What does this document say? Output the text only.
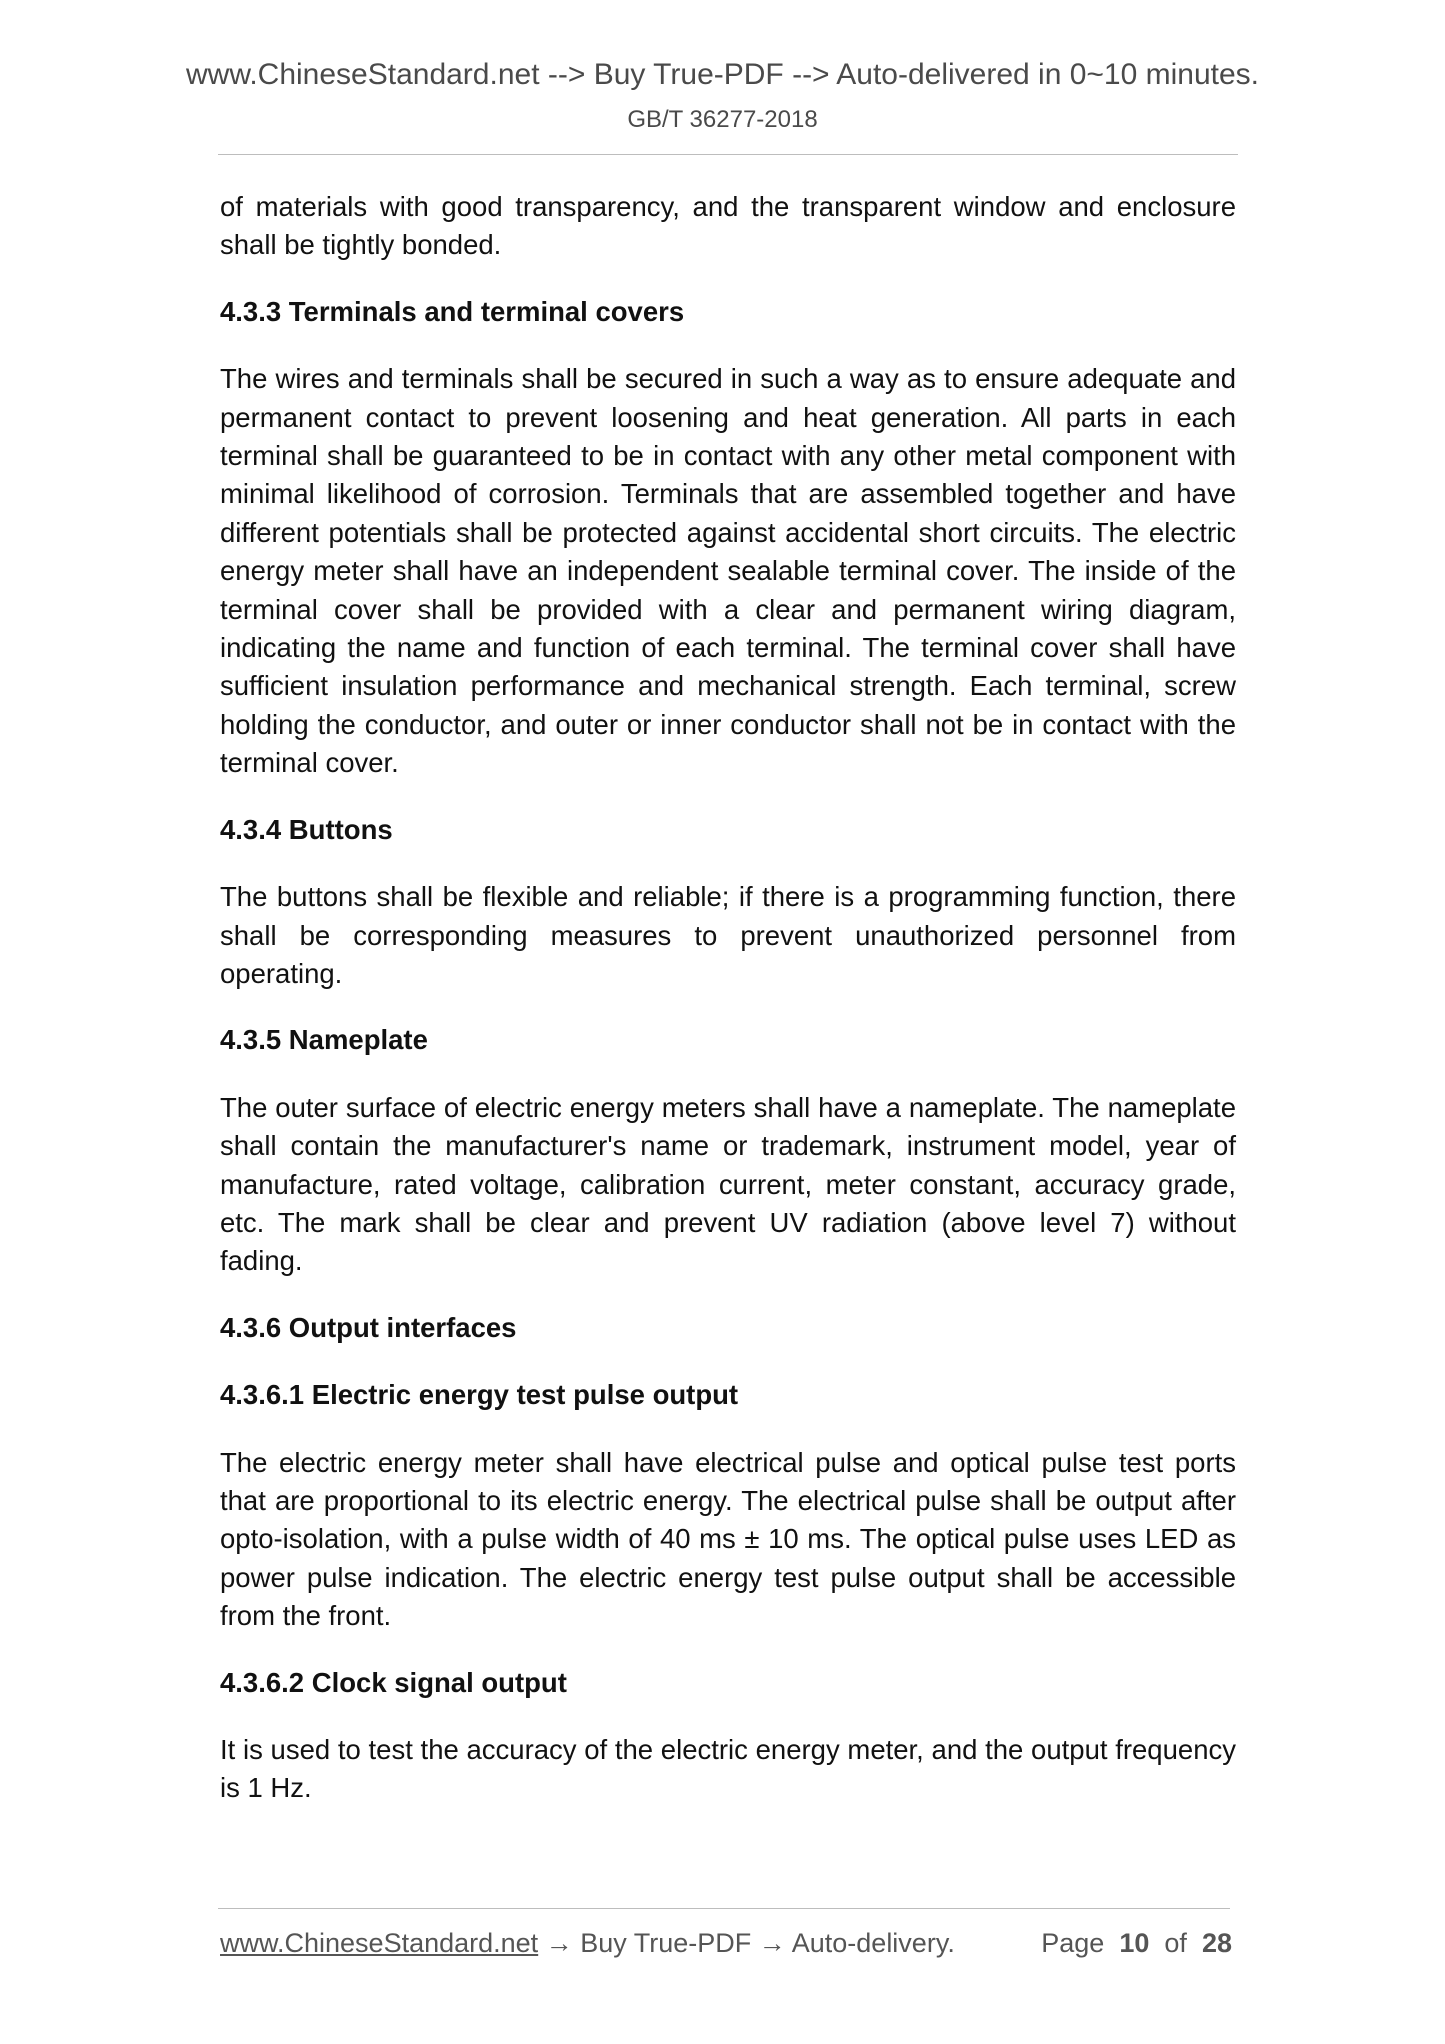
www.ChineseStandard.net --> Buy True-PDF --> Auto-delivered in 0~10 minutes.
GB/T 36277-2018

of materials with good transparency, and the transparent window and enclosure shall be tightly bonded.

4.3.3 Terminals and terminal covers

The wires and terminals shall be secured in such a way as to ensure adequate and permanent contact to prevent loosening and heat generation. All parts in each terminal shall be guaranteed to be in contact with any other metal component with minimal likelihood of corrosion. Terminals that are assembled together and have different potentials shall be protected against accidental short circuits. The electric energy meter shall have an independent sealable terminal cover. The inside of the terminal cover shall be provided with a clear and permanent wiring diagram, indicating the name and function of each terminal. The terminal cover shall have sufficient insulation performance and mechanical strength. Each terminal, screw holding the conductor, and outer or inner conductor shall not be in contact with the terminal cover.

4.3.4 Buttons

The buttons shall be flexible and reliable; if there is a programming function, there shall be corresponding measures to prevent unauthorized personnel from operating.

4.3.5 Nameplate

The outer surface of electric energy meters shall have a nameplate. The nameplate shall contain the manufacturer's name or trademark, instrument model, year of manufacture, rated voltage, calibration current, meter constant, accuracy grade, etc. The mark shall be clear and prevent UV radiation (above level 7) without fading.

4.3.6 Output interfaces

4.3.6.1 Electric energy test pulse output

The electric energy meter shall have electrical pulse and optical pulse test ports that are proportional to its electric energy. The electrical pulse shall be output after opto-isolation, with a pulse width of 40 ms ± 10 ms. The optical pulse uses LED as power pulse indication. The electric energy test pulse output shall be accessible from the front.

4.3.6.2 Clock signal output

It is used to test the accuracy of the electric energy meter, and the output frequency is 1 Hz.

www.ChineseStandard.net → Buy True-PDF → Auto-delivery.	Page 10 of 28
